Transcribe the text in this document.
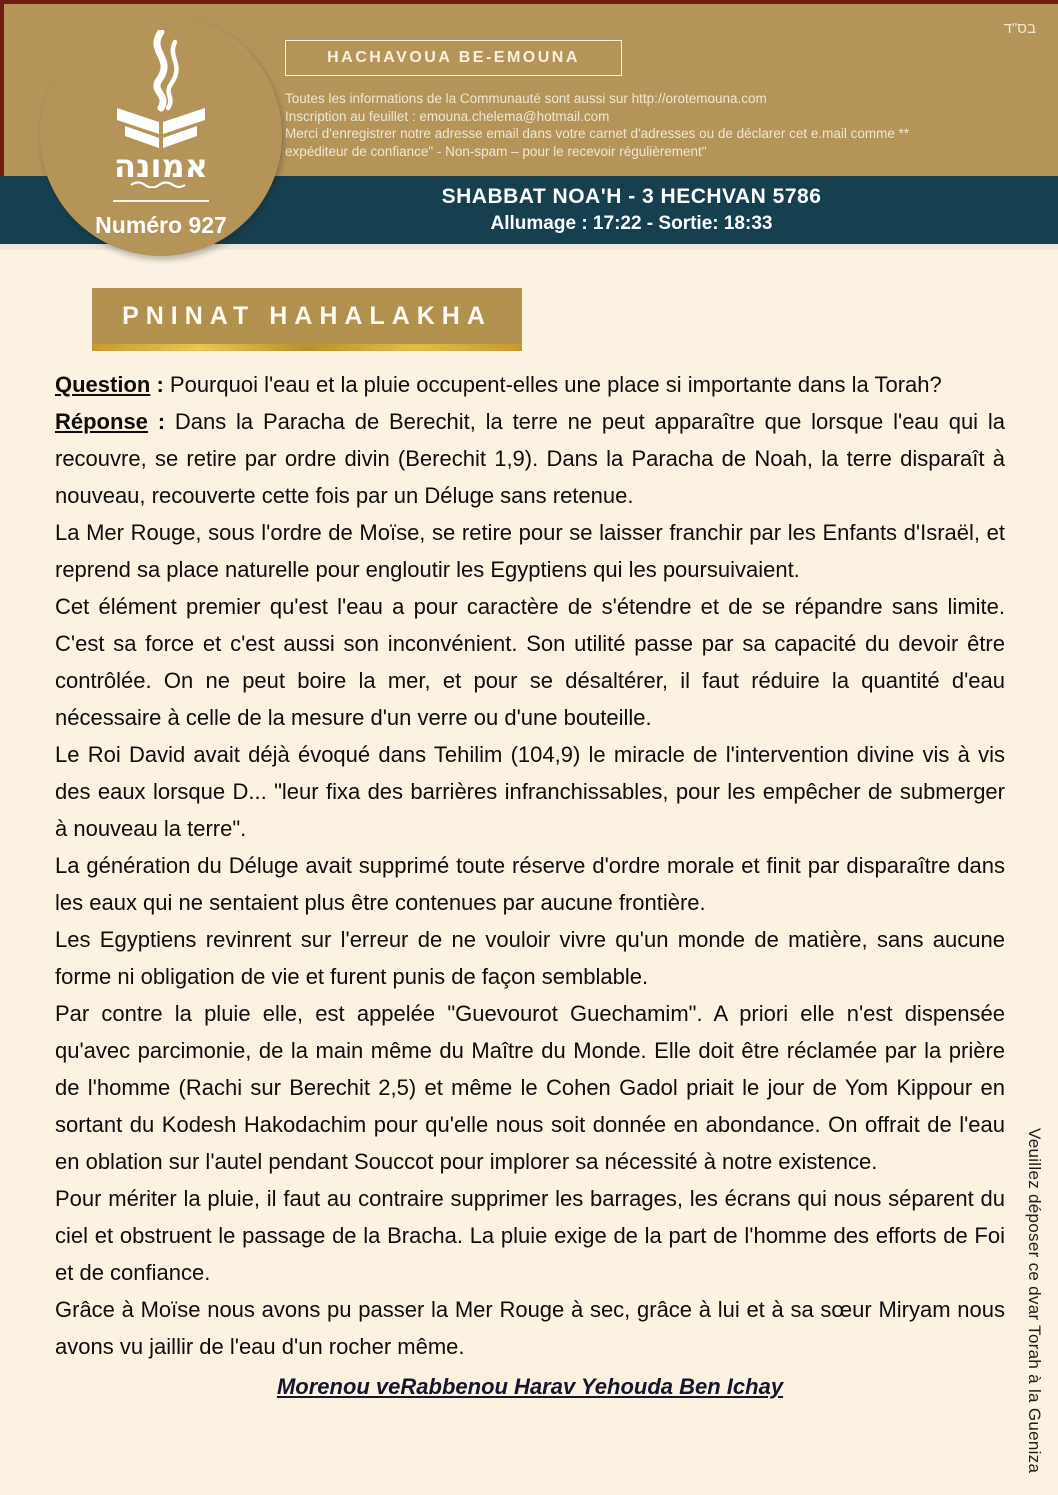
SHABBAT NOA'H - 3 HECHVAN 5786
Allumage : 17:22 - Sortie: 18:33
בס"ד
אמונה
Numéro 927
HACHAVOUA BE-EMOUNA
Toutes les informations de la Communauté sont aussi sur http://orotemouna.com
Inscription au feuillet : emouna.chelema@hotmail.com
Merci d'enregistrer notre adresse email dans votre carnet d'adresses ou de déclarer cet e.mail comme **
expéditeur de confiance" - Non-spam – pour le recevoir régulièrement"
PNINAT HAHALAKHA

Question : Pourquoi l'eau et la pluie occupent-elles une place si importante dans la Torah?

Réponse : Dans la Paracha de Berechit, la terre ne peut apparaître que lorsque l'eau qui la recouvre, se retire par ordre divin (Berechit 1,9). Dans la Paracha de Noah, la terre disparaît à nouveau, recouverte cette fois par un Déluge sans retenue.

La Mer Rouge, sous l'ordre de Moïse, se retire pour se laisser franchir par les Enfants d'Israël, et reprend sa place naturelle pour engloutir les Egyptiens qui les poursuivaient.

Cet élément premier qu'est l'eau a pour caractère de s'étendre et de se répandre sans limite. C'est sa force et c'est aussi son inconvénient. Son utilité passe par sa capacité du devoir être contrôlée. On ne peut boire la mer, et pour se désaltérer, il faut réduire la quantité d'eau nécessaire à celle de la mesure d'un verre ou d'une bouteille.

Le Roi David avait déjà évoqué dans Tehilim (104,9) le miracle de l'intervention divine vis à vis des eaux lorsque D... "leur fixa des barrières infranchissables, pour les empêcher de submerger à nouveau la terre".

La génération du Déluge avait supprimé toute réserve d'ordre morale et finit par disparaître dans les eaux qui ne sentaient plus être contenues par aucune frontière.

Les Egyptiens revinrent sur l'erreur de ne vouloir vivre qu'un monde de matière, sans aucune forme ni obligation de vie et furent punis de façon semblable.

Par contre la pluie elle, est appelée "Guevourot Guechamim". A priori elle n'est dispensée qu'avec parcimonie, de la main même du Maître du Monde. Elle doit être réclamée par la prière de l'homme (Rachi sur Berechit 2,5) et même le Cohen Gadol priait le jour de Yom Kippour en sortant du Kodesh Hakodachim pour qu'elle nous soit donnée en abondance. On offrait de l'eau en oblation sur l'autel pendant Souccot pour implorer sa nécessité à notre existence.

Pour mériter la pluie, il faut au contraire supprimer les barrages, les écrans qui nous séparent du ciel et obstruent le passage de la Bracha. La pluie exige de la part de l'homme des efforts de Foi et de confiance.

Grâce à Moïse nous avons pu passer la Mer Rouge à sec, grâce à lui et à sa sœur Miryam nous avons vu jaillir de l'eau d'un rocher même.

Morenou veRabbenou Harav Yehouda Ben Ichay	Veuillez déposer ce dvar Torah à la Gueniza
